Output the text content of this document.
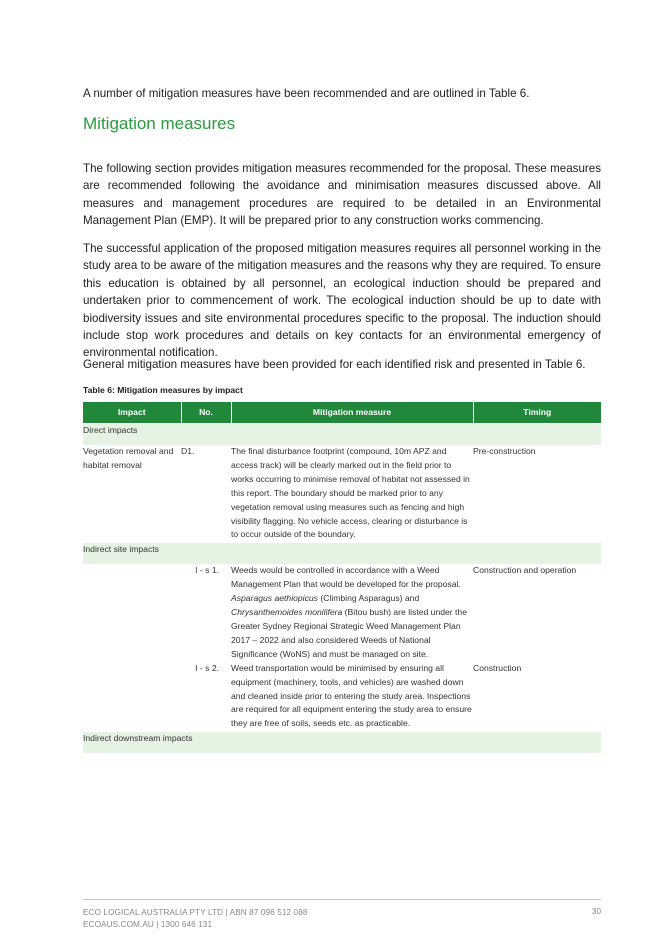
A number of mitigation measures have been recommended and are outlined in Table 6.
Mitigation measures

The following section provides mitigation measures recommended for the proposal. These measures are recommended following the avoidance and minimisation measures discussed above. All measures and management procedures are required to be detailed in an Environmental Management Plan (EMP). It will be prepared prior to any construction works commencing.

The successful application of the proposed mitigation measures requires all personnel working in the study area to be aware of the mitigation measures and the reasons why they are required. To ensure this education is obtained by all personnel, an ecological induction should be prepared and undertaken prior to commencement of work. The ecological induction should be up to date with biodiversity issues and site environmental procedures specific to the proposal. The induction should include stop work procedures and details on key contacts for an environmental emergency of environmental notification.

General mitigation measures have been provided for each identified risk and presented in Table 6.

Table 6: Mitigation measures by impact
Impact	No.	Mitigation measure	Timing
Direct impacts			
Vegetation removal and habitat removal	D1.	The final disturbance footprint (compound, 10m APZ and access track) will be clearly marked out in the field prior to works occurring to minimise removal of habitat not assessed in this report. The boundary should be marked prior to any vegetation removal using measures such as fencing and high visibility flagging. No vehicle access, clearing or disturbance is to occur outside of the boundary.	Pre-construction
Indirect site impacts			
	I - s 1.	Weeds would be controlled in accordance with a Weed Management Plan that would be developed for the proposal. Asparagus aethiopicus (Climbing Asparagus) and Chrysanthemoides monilifera (Bitou bush) are listed under the Greater Sydney Regional Strategic Weed Management Plan 2017 – 2022 and also considered Weeds of National Significance (WoNS) and must be managed on site.	Construction and operation
	I - s 2.	Weed transportation would be minimised by ensuring all equipment (machinery, tools, and vehicles) are washed down and cleaned inside prior to entering the study area. Inspections are required for all equipment entering the study area to ensure they are free of soils, seeds etc. as practicable.	Construction
Indirect downstream impacts			
ECO LOGICAL AUSTRALIA PTY LTD | ABN 87 096 512 088
ECOAUS.COM.AU | 1300 646 131
30
